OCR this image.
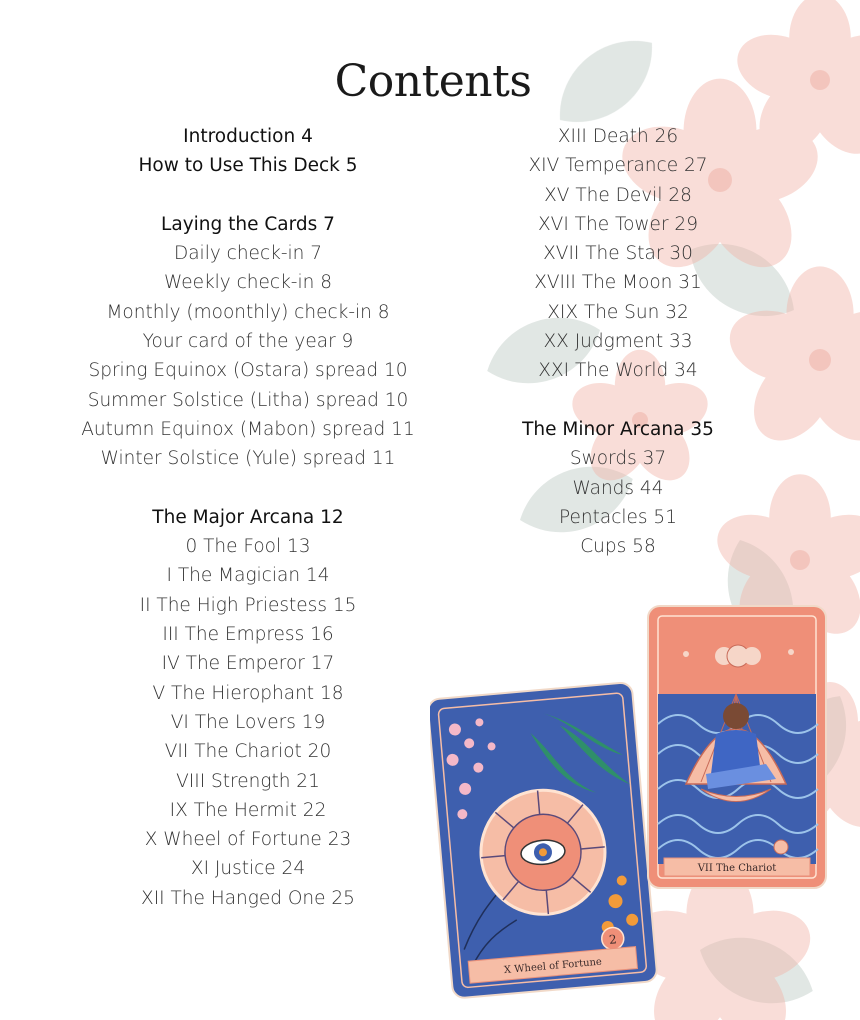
Contents
Introduction 4
How to Use This Deck 5
Laying the Cards 7
Daily check-in 7
Weekly check-in 8
Monthly (moonthly) check-in 8
Your card of the year 9
Spring Equinox (Ostara) spread 10
Summer Solstice (Litha) spread 10
Autumn Equinox (Mabon) spread 11
Winter Solstice (Yule) spread 11
The Major Arcana 12
0 The Fool 13
I The Magician 14
II The High Priestess 15
III The Empress 16
IV The Emperor 17
V The Hierophant 18
VI The Lovers 19
VII The Chariot 20
VIII Strength 21
IX The Hermit 22
X Wheel of Fortune 23
XI Justice 24
XII The Hanged One 25
XIII Death 26
XIV Temperance 27
XV The Devil 28
XVI The Tower 29
XVII The Star 30
XVIII The Moon 31
XIX The Sun 32
XX Judgment 33
XXI The World 34
The Minor Arcana 35
Swords 37
Wands 44
Pentacles 51
Cups 58
2
X Wheel of Fortune
VII The Chariot
